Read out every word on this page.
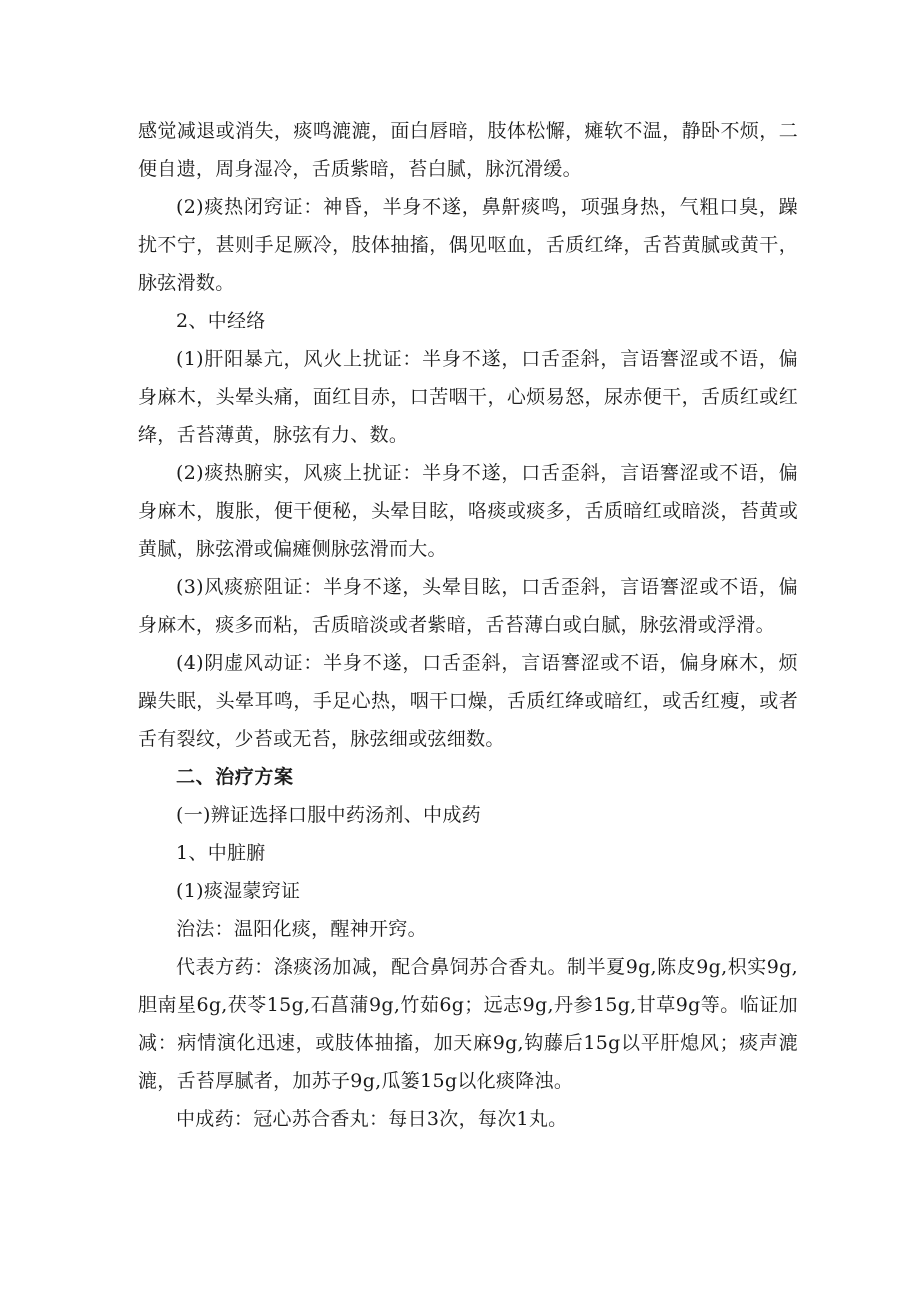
感觉减退或消失，痰鸣漉漉，面白唇暗，肢体松懈，瘫软不温，静卧不烦，二便自遗，周身湿冷，舌质紫暗，苔白腻，脉沉滑缓。

(2)痰热闭窍证：神昏，半身不遂，鼻鼾痰鸣，项强身热，气粗口臭，躁扰不宁，甚则手足厥冷，肢体抽搐，偶见呕血，舌质红绛，舌苔黄腻或黄干，脉弦滑数。

2、中经络

(1)肝阳暴亢，风火上扰证：半身不遂，口舌歪斜，言语謇涩或不语，偏身麻木，头晕头痛，面红目赤，口苦咽干，心烦易怒，尿赤便干，舌质红或红绛，舌苔薄黄，脉弦有力、数。

(2)痰热腑实，风痰上扰证：半身不遂，口舌歪斜，言语謇涩或不语，偏身麻木，腹胀，便干便秘，头晕目眩，咯痰或痰多，舌质暗红或暗淡，苔黄或黄腻，脉弦滑或偏瘫侧脉弦滑而大。

(3)风痰瘀阻证：半身不遂，头晕目眩，口舌歪斜，言语謇涩或不语，偏身麻木，痰多而粘，舌质暗淡或者紫暗，舌苔薄白或白腻，脉弦滑或浮滑。

(4)阴虚风动证：半身不遂，口舌歪斜，言语謇涩或不语，偏身麻木，烦躁失眠，头晕耳鸣，手足心热，咽干口燥，舌质红绛或暗红，或舌红瘦，或者舌有裂纹，少苔或无苔，脉弦细或弦细数。

二、治疗方案

(一)辨证选择口服中药汤剂、中成药

1、中脏腑

(1)痰湿蒙窍证

治法：温阳化痰，醒神开窍。

代表方药：涤痰汤加减，配合鼻饲苏合香丸。制半夏9g,陈皮9g,枳实9g,胆南星6g,茯苓15g,石菖蒲9g,竹茹6g；远志9g,丹参15g,甘草9g等。临证加减：病情演化迅速，或肢体抽搐，加天麻9g,钩藤后15g以平肝熄风；痰声漉漉，舌苔厚腻者，加苏子9g,瓜篓15g以化痰降浊。

中成药：冠心苏合香丸：每日3次，每次1丸。
